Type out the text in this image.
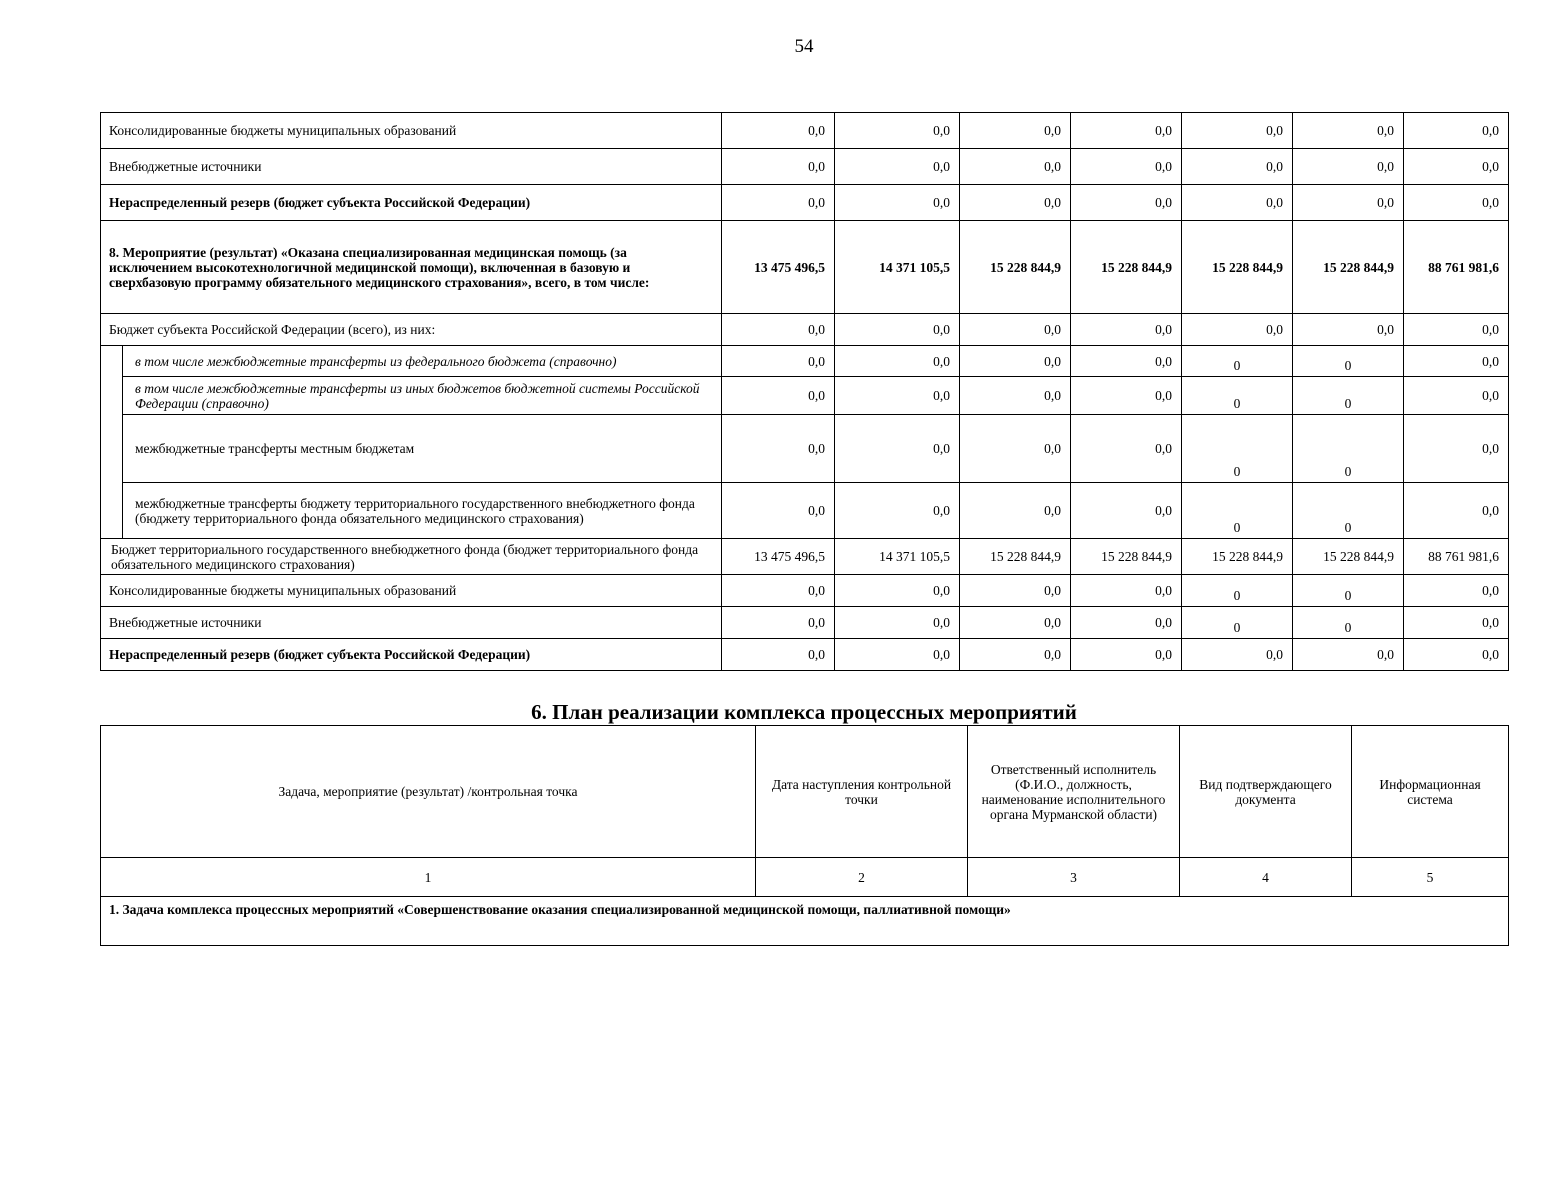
54
Консолидированные бюджеты муниципальных образований		0,0	0,0	0,0	0,0	0,0	0,0	0,0
Внебюджетные источники		0,0	0,0	0,0	0,0	0,0	0,0	0,0
Нераспределенный резерв (бюджет субъекта Российской Федерации)		0,0	0,0	0,0	0,0	0,0	0,0	0,0
8. Мероприятие (результат) «Оказана специализированная медицинская помощь (за исключением высокотехнологичной медицинской помощи), включенная в базовую и сверхбазовую программу обязательного медицинского страхования», всего, в том числе:		13 475 496,5	14 371 105,5	15 228 844,9	15 228 844,9	15 228 844,9	15 228 844,9	88 761 981,6
Бюджет субъекта Российской Федерации (всего), из них:		0,0	0,0	0,0	0,0	0,0	0,0	0,0
	в том числе межбюджетные трансферты из федерального бюджета (справочно)	0,0	0,0	0,0	0,0	0	0	0,0
	в том числе межбюджетные трансферты из иных бюджетов бюджетной системы Российской Федерации (справочно)	0,0	0,0	0,0	0,0	0	0	0,0
	межбюджетные трансферты местным бюджетам	0,0	0,0	0,0	0,0	0	0	0,0
	межбюджетные трансферты бюджету территориального государственного внебюджетного фонда (бюджету территориального фонда обязательного медицинского страхования)	0,0	0,0	0,0	0,0	0	0	0,0
Бюджет территориального государственного внебюджетного фонда (бюджет территориального фонда обязательного медицинского страхования)		13 475 496,5	14 371 105,5	15 228 844,9	15 228 844,9	15 228 844,9	15 228 844,9	88 761 981,6
Консолидированные бюджеты муниципальных образований		0,0	0,0	0,0	0,0	0	0	0,0
Внебюджетные источники		0,0	0,0	0,0	0,0	0	0	0,0
Нераспределенный резерв (бюджет субъекта Российской Федерации)		0,0	0,0	0,0	0,0	0,0	0,0	0,0
6. План реализации комплекса процессных мероприятий
Задача, мероприятие (результат) /контрольная точка	Дата наступления контрольной точки	Ответственный исполнитель (Ф.И.О., должность, наименование исполнительного органа Мурманской области)	Вид подтверждающего документа	Информационная система
1	2	3	4	5
1. Задача комплекса процессных мероприятий «Совершенствование оказания специализированной медицинской помощи, паллиативной помощи»				
